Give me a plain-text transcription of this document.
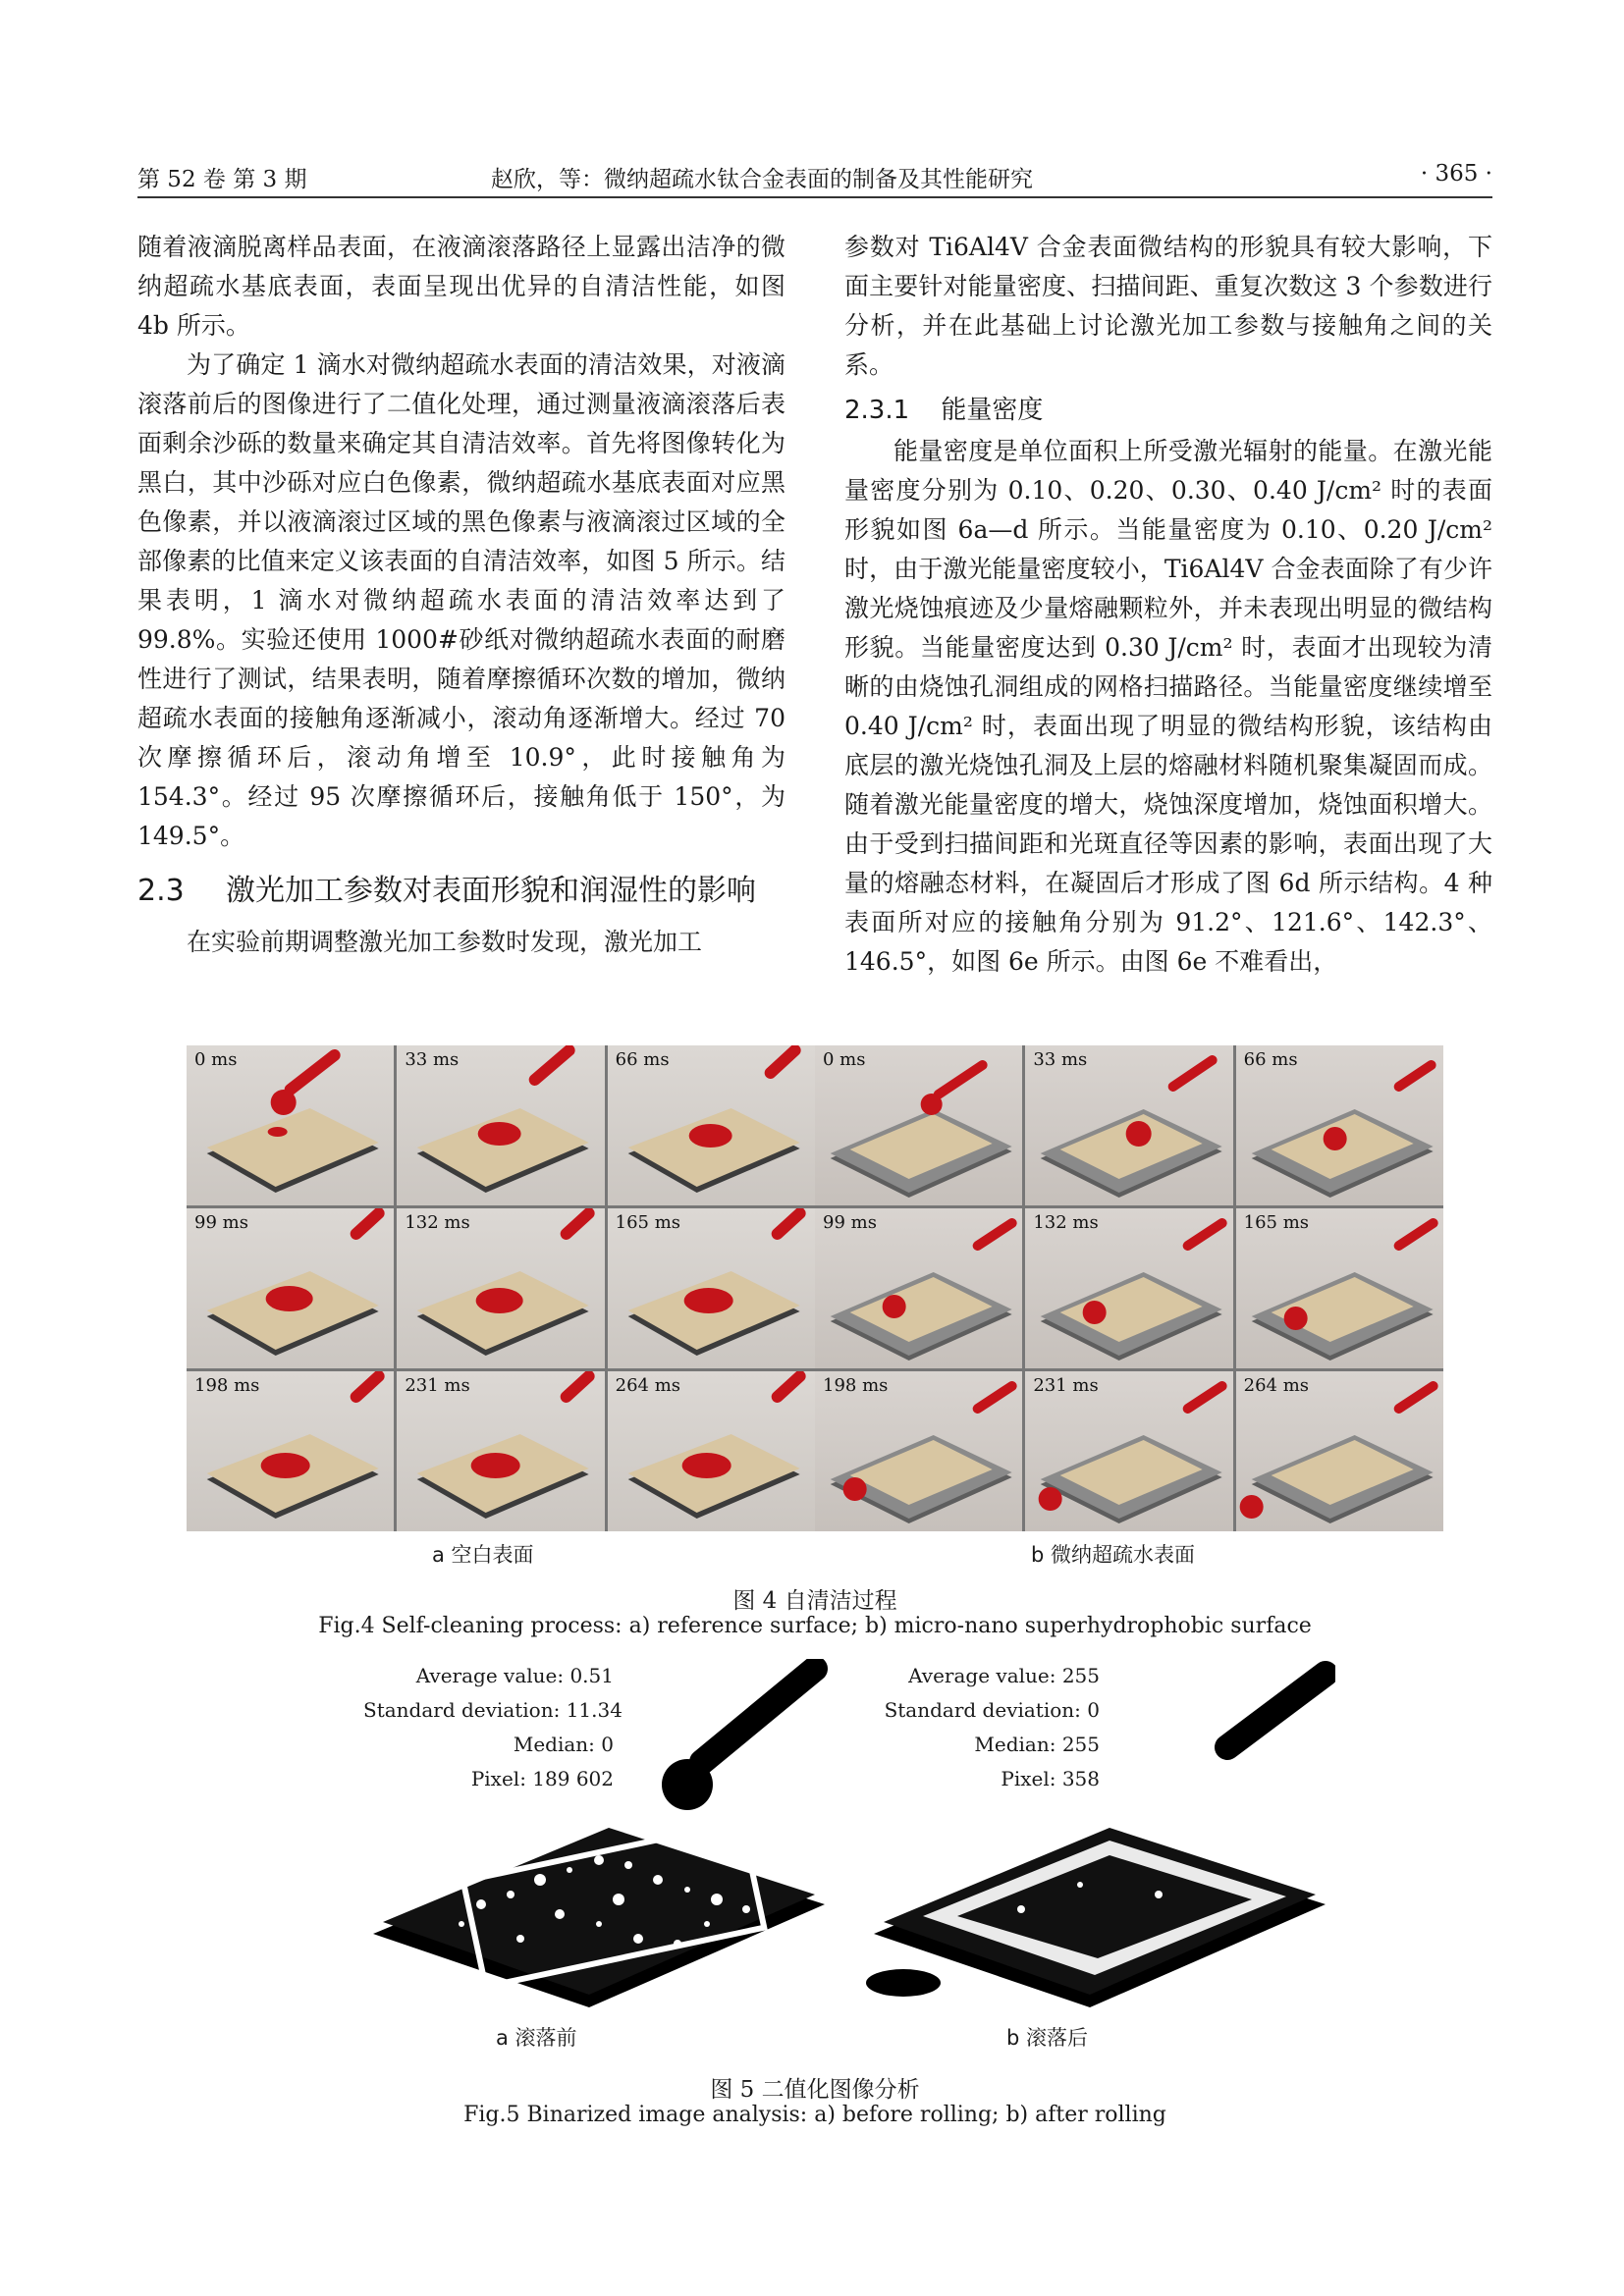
第 52 卷 第 3 期	赵欣，等：微纳超疏水钛合金表面的制备及其性能研究	· 365 ·

随着液滴脱离样品表面，在液滴滚落路径上显露出洁净的微纳超疏水基底表面，表面呈现出优异的自清洁性能，如图 4b 所示。

为了确定 1 滴水对微纳超疏水表面的清洁效果，对液滴滚落前后的图像进行了二值化处理，通过测量液滴滚落后表面剩余沙砾的数量来确定其自清洁效率。首先将图像转化为黑白，其中沙砾对应白色像素，微纳超疏水基底表面对应黑色像素，并以液滴滚过区域的黑色像素与液滴滚过区域的全部像素的比值来定义该表面的自清洁效率，如图 5 所示。结果表明，1 滴水对微纳超疏水表面的清洁效率达到了 99.8%。实验还使用 1000#砂纸对微纳超疏水表面的耐磨性进行了测试，结果表明，随着摩擦循环次数的增加，微纳超疏水表面的接触角逐渐减小，滚动角逐渐增大。经过 70 次摩擦循环后，滚动角增至 10.9°，此时接触角为 154.3°。经过 95 次摩擦循环后，接触角低于 150°，为 149.5°。

2.3	激光加工参数对表面形貌和润湿性的影响

在实验前期调整激光加工参数时发现，激光加工

参数对 Ti6Al4V 合金表面微结构的形貌具有较大影响，下面主要针对能量密度、扫描间距、重复次数这 3 个参数进行分析，并在此基础上讨论激光加工参数与接触角之间的关系。

2.3.1 能量密度

能量密度是单位面积上所受激光辐射的能量。在激光能量密度分别为 0.10、0.20、0.30、0.40 J/cm² 时的表面形貌如图 6a—d 所示。当能量密度为 0.10、0.20 J/cm² 时，由于激光能量密度较小，Ti6Al4V 合金表面除了有少许激光烧蚀痕迹及少量熔融颗粒外，并未表现出明显的微结构形貌。当能量密度达到 0.30 J/cm² 时，表面才出现较为清晰的由烧蚀孔洞组成的网格扫描路径。当能量密度继续增至 0.40 J/cm² 时，表面出现了明显的微结构形貌，该结构由底层的激光烧蚀孔洞及上层的熔融材料随机聚集凝固而成。随着激光能量密度的增大，烧蚀深度增加，烧蚀面积增大。由于受到扫描间距和光斑直径等因素的影响，表面出现了大量的熔融态材料，在凝固后才形成了图 6d 所示结构。4 种表面所对应的接触角分别为 91.2°、121.6°、142.3°、146.5°，如图 6e 所示。由图 6e 不难看出，

0 ms	33 ms	66 ms
99 ms	132 ms	165 ms
198 ms	231 ms	264 ms
0 ms	33 ms	66 ms
99 ms	132 ms	165 ms
198 ms	231 ms	264 ms
a 空白表面	b 微纳超疏水表面
图 4 自清洁过程
Fig.4 Self-cleaning process: a) reference surface; b) micro-nano superhydrophobic surface
Average value: 0.51
Standard deviation: 11.34
Median: 0
Pixel: 189 602
Average value: 255
Standard deviation: 0
Median: 255
Pixel: 358
a 滚落前	b 滚落后
图 5 二值化图像分析
Fig.5 Binarized image analysis: a) before rolling; b) after rolling
